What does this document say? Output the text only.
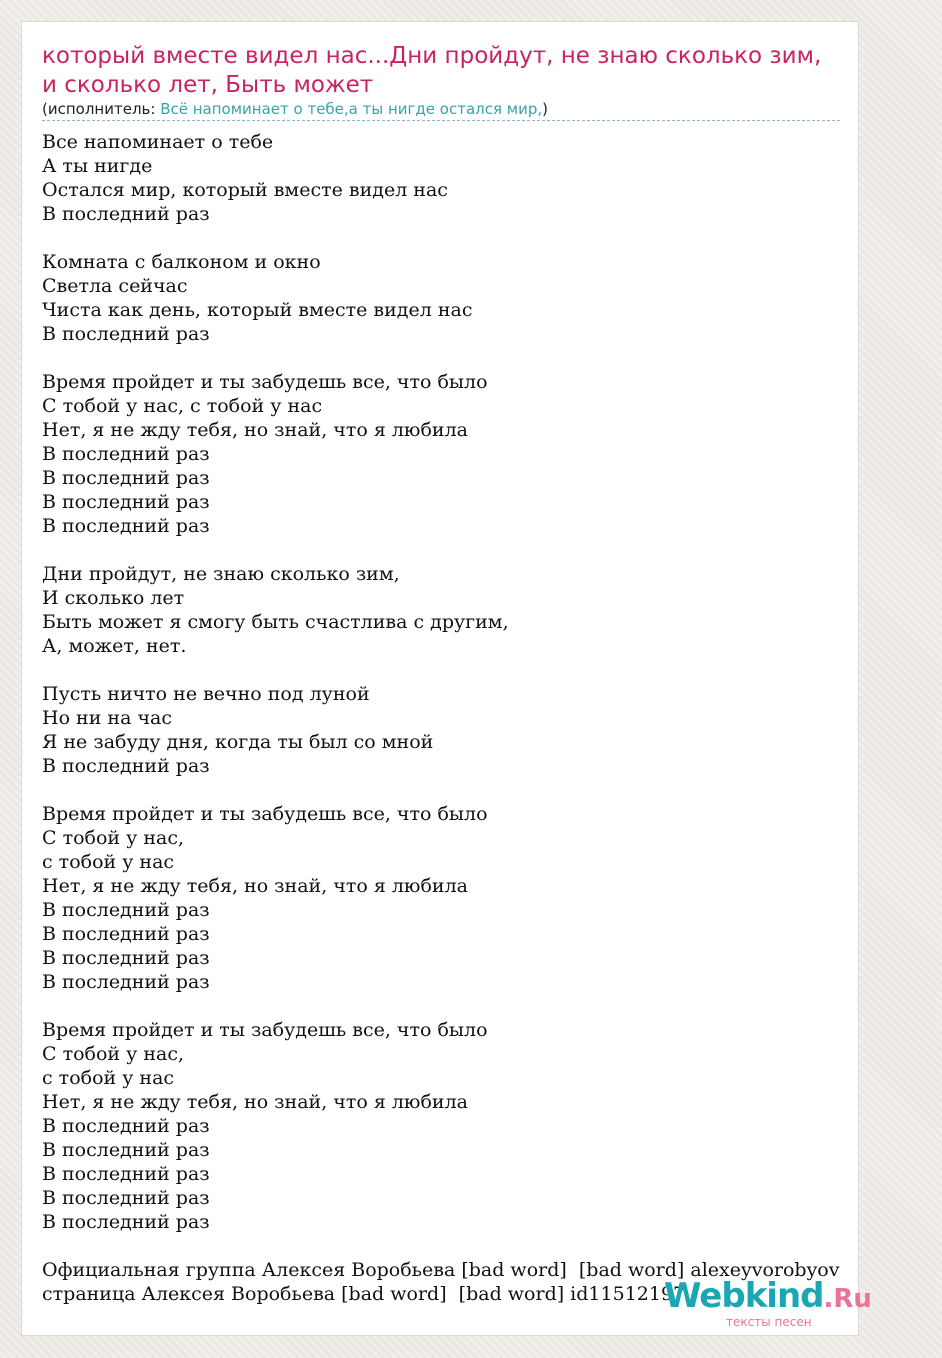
который вместе видел нас...Дни пройдут, не знаю сколько зим, и сколько лет, Быть может
(исполнитель: Всё напоминает о тебе,а ты нигде остался мир,)
Все напоминает о тебе
А ты нигде
Остался мир, который вместе видел нас
В последний раз

Комната с балконом и окно
Светла сейчас
Чиста как день, который вместе видел нас
В последний раз

Время пройдет и ты забудешь все, что было
С тобой у нас, с тобой у нас
Нет, я не жду тебя, но знай, что я любила
В последний раз
В последний раз
В последний раз
В последний раз

Дни пройдут, не знаю сколько зим,
И сколько лет
Быть может я смогу быть счастлива с другим,
А, может, нет.

Пусть ничто не вечно под луной
Но ни на час
Я не забуду дня, когда ты был со мной
В последний раз

Время пройдет и ты забудешь все, что было
С тобой у нас,
с тобой у нас
Нет, я не жду тебя, но знай, что я любила
В последний раз
В последний раз
В последний раз
В последний раз

Время пройдет и ты забудешь все, что было
С тобой у нас,
с тобой у нас
Нет, я не жду тебя, но знай, что я любила
В последний раз
В последний раз
В последний раз
В последний раз
В последний раз

Официальная группа Алексея Воробьева [bad word]  [bad word] alexeyvorobyov
страница Алексея Воробьева [bad word]  [bad word] id11512197
Webkind.Ru
тексты песен
